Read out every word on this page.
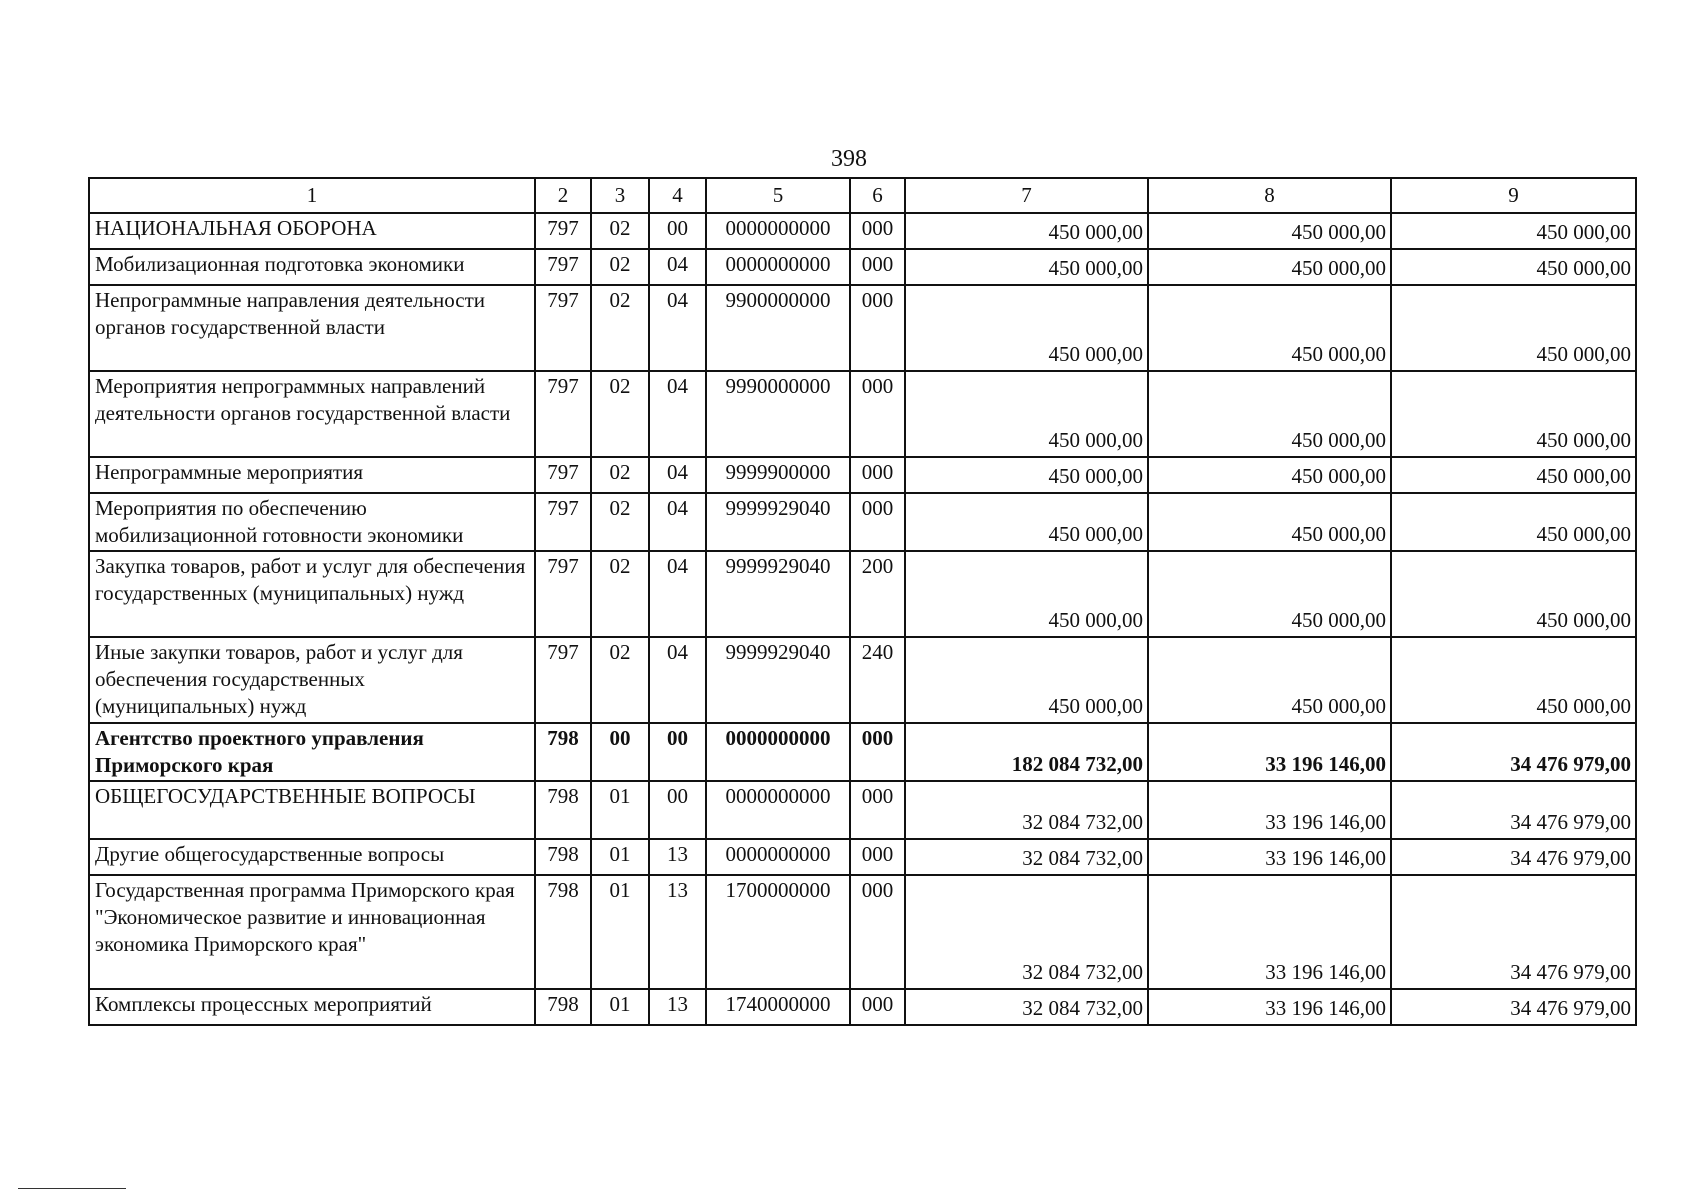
398
1	2	3	4	5	6	7	8	9
НАЦИОНАЛЬНАЯ ОБОРОНА	797	02	00	0000000000	000	450 000,00	450 000,00	450 000,00
Мобилизационная подготовка экономики	797	02	04	0000000000	000	450 000,00	450 000,00	450 000,00
Непрограммные направления деятельности органов государственной власти	797	02	04	9900000000	000	450 000,00	450 000,00	450 000,00
Мероприятия непрограммных направлений деятельности органов государственной власти	797	02	04	9990000000	000	450 000,00	450 000,00	450 000,00
Непрограммные мероприятия	797	02	04	9999900000	000	450 000,00	450 000,00	450 000,00
Мероприятия по обеспечению мобилизационной готовности экономики	797	02	04	9999929040	000	450 000,00	450 000,00	450 000,00
Закупка товаров, работ и услуг для обеспечения государственных (муниципальных) нужд	797	02	04	9999929040	200	450 000,00	450 000,00	450 000,00
Иные закупки товаров, работ и услуг для обеспечения государственных (муниципальных) нужд	797	02	04	9999929040	240	450 000,00	450 000,00	450 000,00
Агентство проектного управления Приморского края	798	00	00	0000000000	000	182 084 732,00	33 196 146,00	34 476 979,00
ОБЩЕГОСУДАРСТВЕННЫЕ ВОПРОСЫ	798	01	00	0000000000	000	32 084 732,00	33 196 146,00	34 476 979,00
Другие общегосударственные вопросы	798	01	13	0000000000	000	32 084 732,00	33 196 146,00	34 476 979,00
Государственная программа Приморского края "Экономическое развитие и инновационная экономика Приморского края"	798	01	13	1700000000	000	32 084 732,00	33 196 146,00	34 476 979,00
Комплексы процессных мероприятий	798	01	13	1740000000	000	32 084 732,00	33 196 146,00	34 476 979,00
